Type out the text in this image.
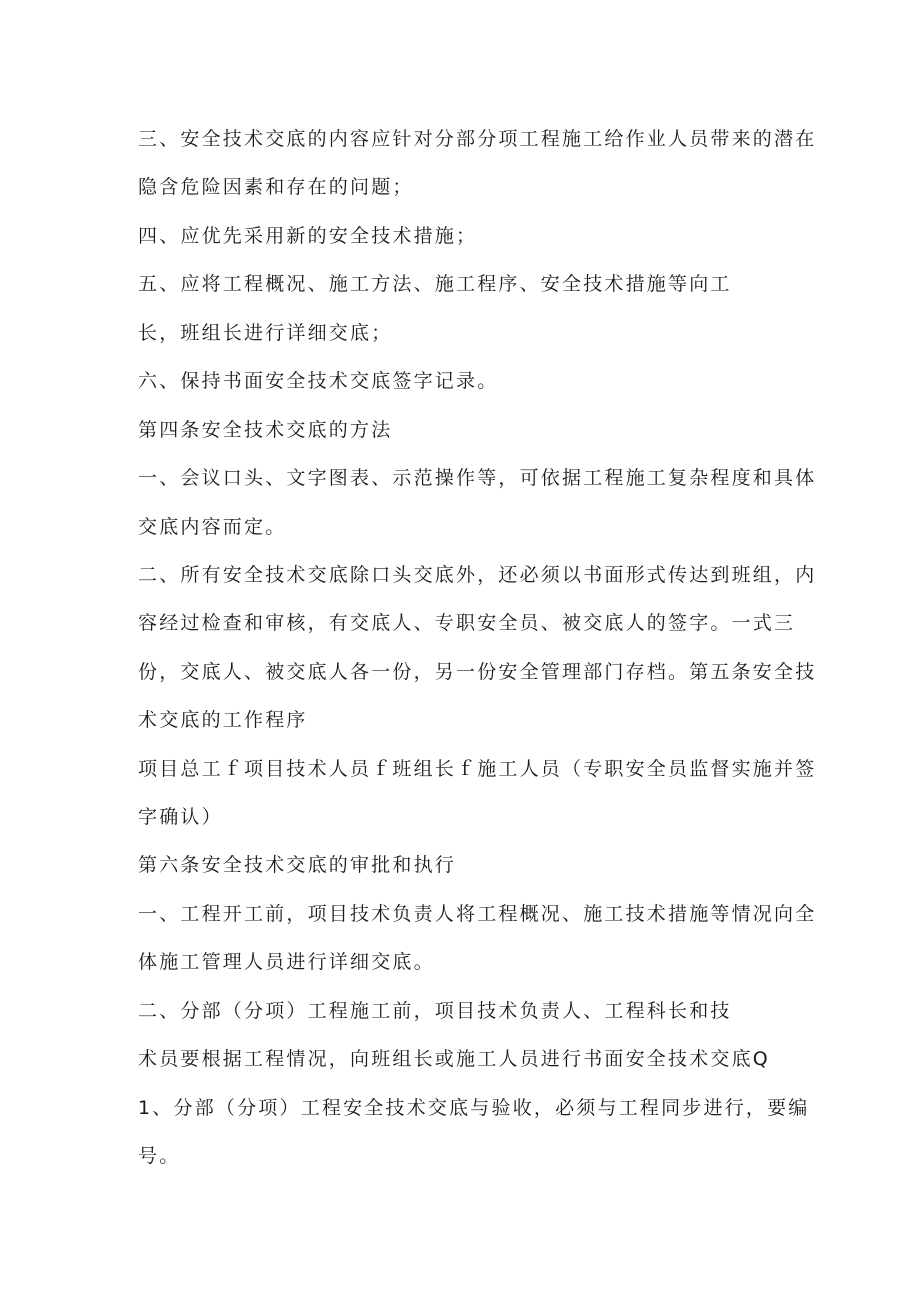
三、安全技术交底的内容应针对分部分项工程施工给作业人员带来的潜在

隐含危险因素和存在的问题；

四、应优先采用新的安全技术措施；

五、应将工程概况、施工方法、施工程序、安全技术措施等向工

长，班组长进行详细交底；

六、保持书面安全技术交底签字记录。

第四条安全技术交底的方法

一、会议口头、文字图表、示范操作等，可依据工程施工复杂程度和具体

交底内容而定。

二、所有安全技术交底除口头交底外，还必须以书面形式传达到班组，内

容经过检查和审核，有交底人、专职安全员、被交底人的签字。一式三

份，交底人、被交底人各一份，另一份安全管理部门存档。第五条安全技

术交底的工作程序

项目总工ｆ项目技术人员ｆ班组长ｆ施工人员（专职安全员监督实施并签

字确认）

第六条安全技术交底的审批和执行

一、工程开工前，项目技术负责人将工程概况、施工技术措施等情况向全

体施工管理人员进行详细交底。

二、分部（分项）工程施工前，项目技术负责人、工程科长和技

术员要根据工程情况，向班组长或施工人员进行书面安全技术交底Q

1、分部（分项）工程安全技术交底与验收，必须与工程同步进行，要编

号。
